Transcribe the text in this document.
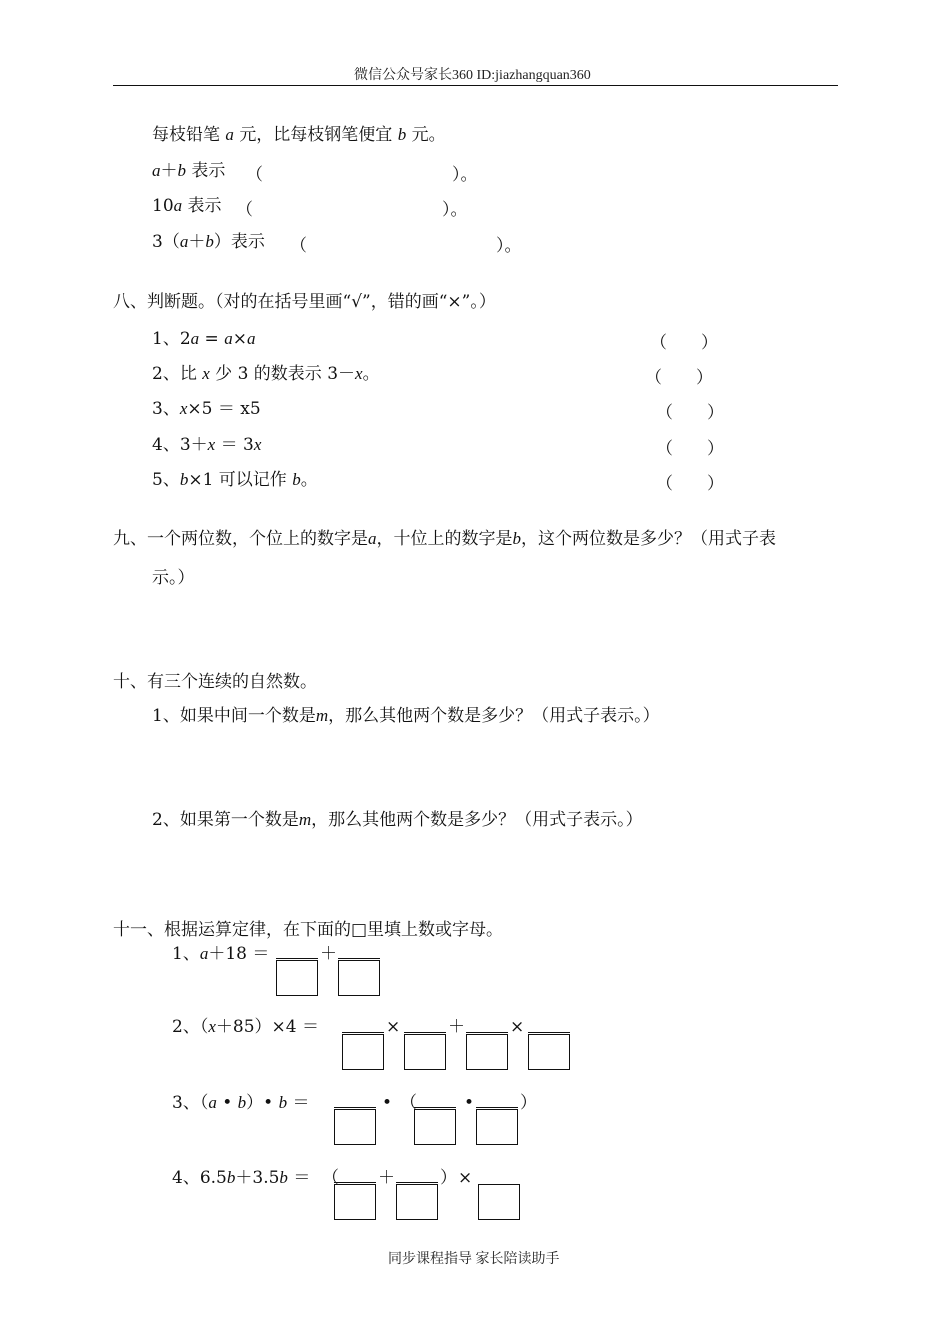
微信公众号家长360 ID:jiazhangquan360
每枝铅笔 a 元，比每枝钢笔便宜 b 元。
a＋b 表示 （	）。
10a 表示 （	）。
3（a＋b）表示 （	）。
八、判断题。（对的在括号里画“√”，错的画“×”。）
1、2a = a×a	（　　）
2、比 x 少 3 的数表示 3－x。	（　　）
3、x×5 ＝ x5	（　　）
4、3＋x ＝ 3x	（　　）
5、b×1 可以记作 b。	（　　）
九、一个两位数，个位上的数字是a，十位上的数字是b，这个两位数是多少？（用式子表
示。）
十、有三个连续的自然数。
1、如果中间一个数是m，那么其他两个数是多少？（用式子表示。）
2、如果第一个数是m，那么其他两个数是多少？（用式子表示。）
十一、根据运算定律，在下面的□里填上数或字母。
1、a＋18 ＝	＋
2、（x＋85）×4 ＝	×	＋	×
3、（a • b）• b ＝	• （	•	）
4、6.5b＋3.5b ＝ （ ＋	） ×
同步课程指导 家长陪读助手
